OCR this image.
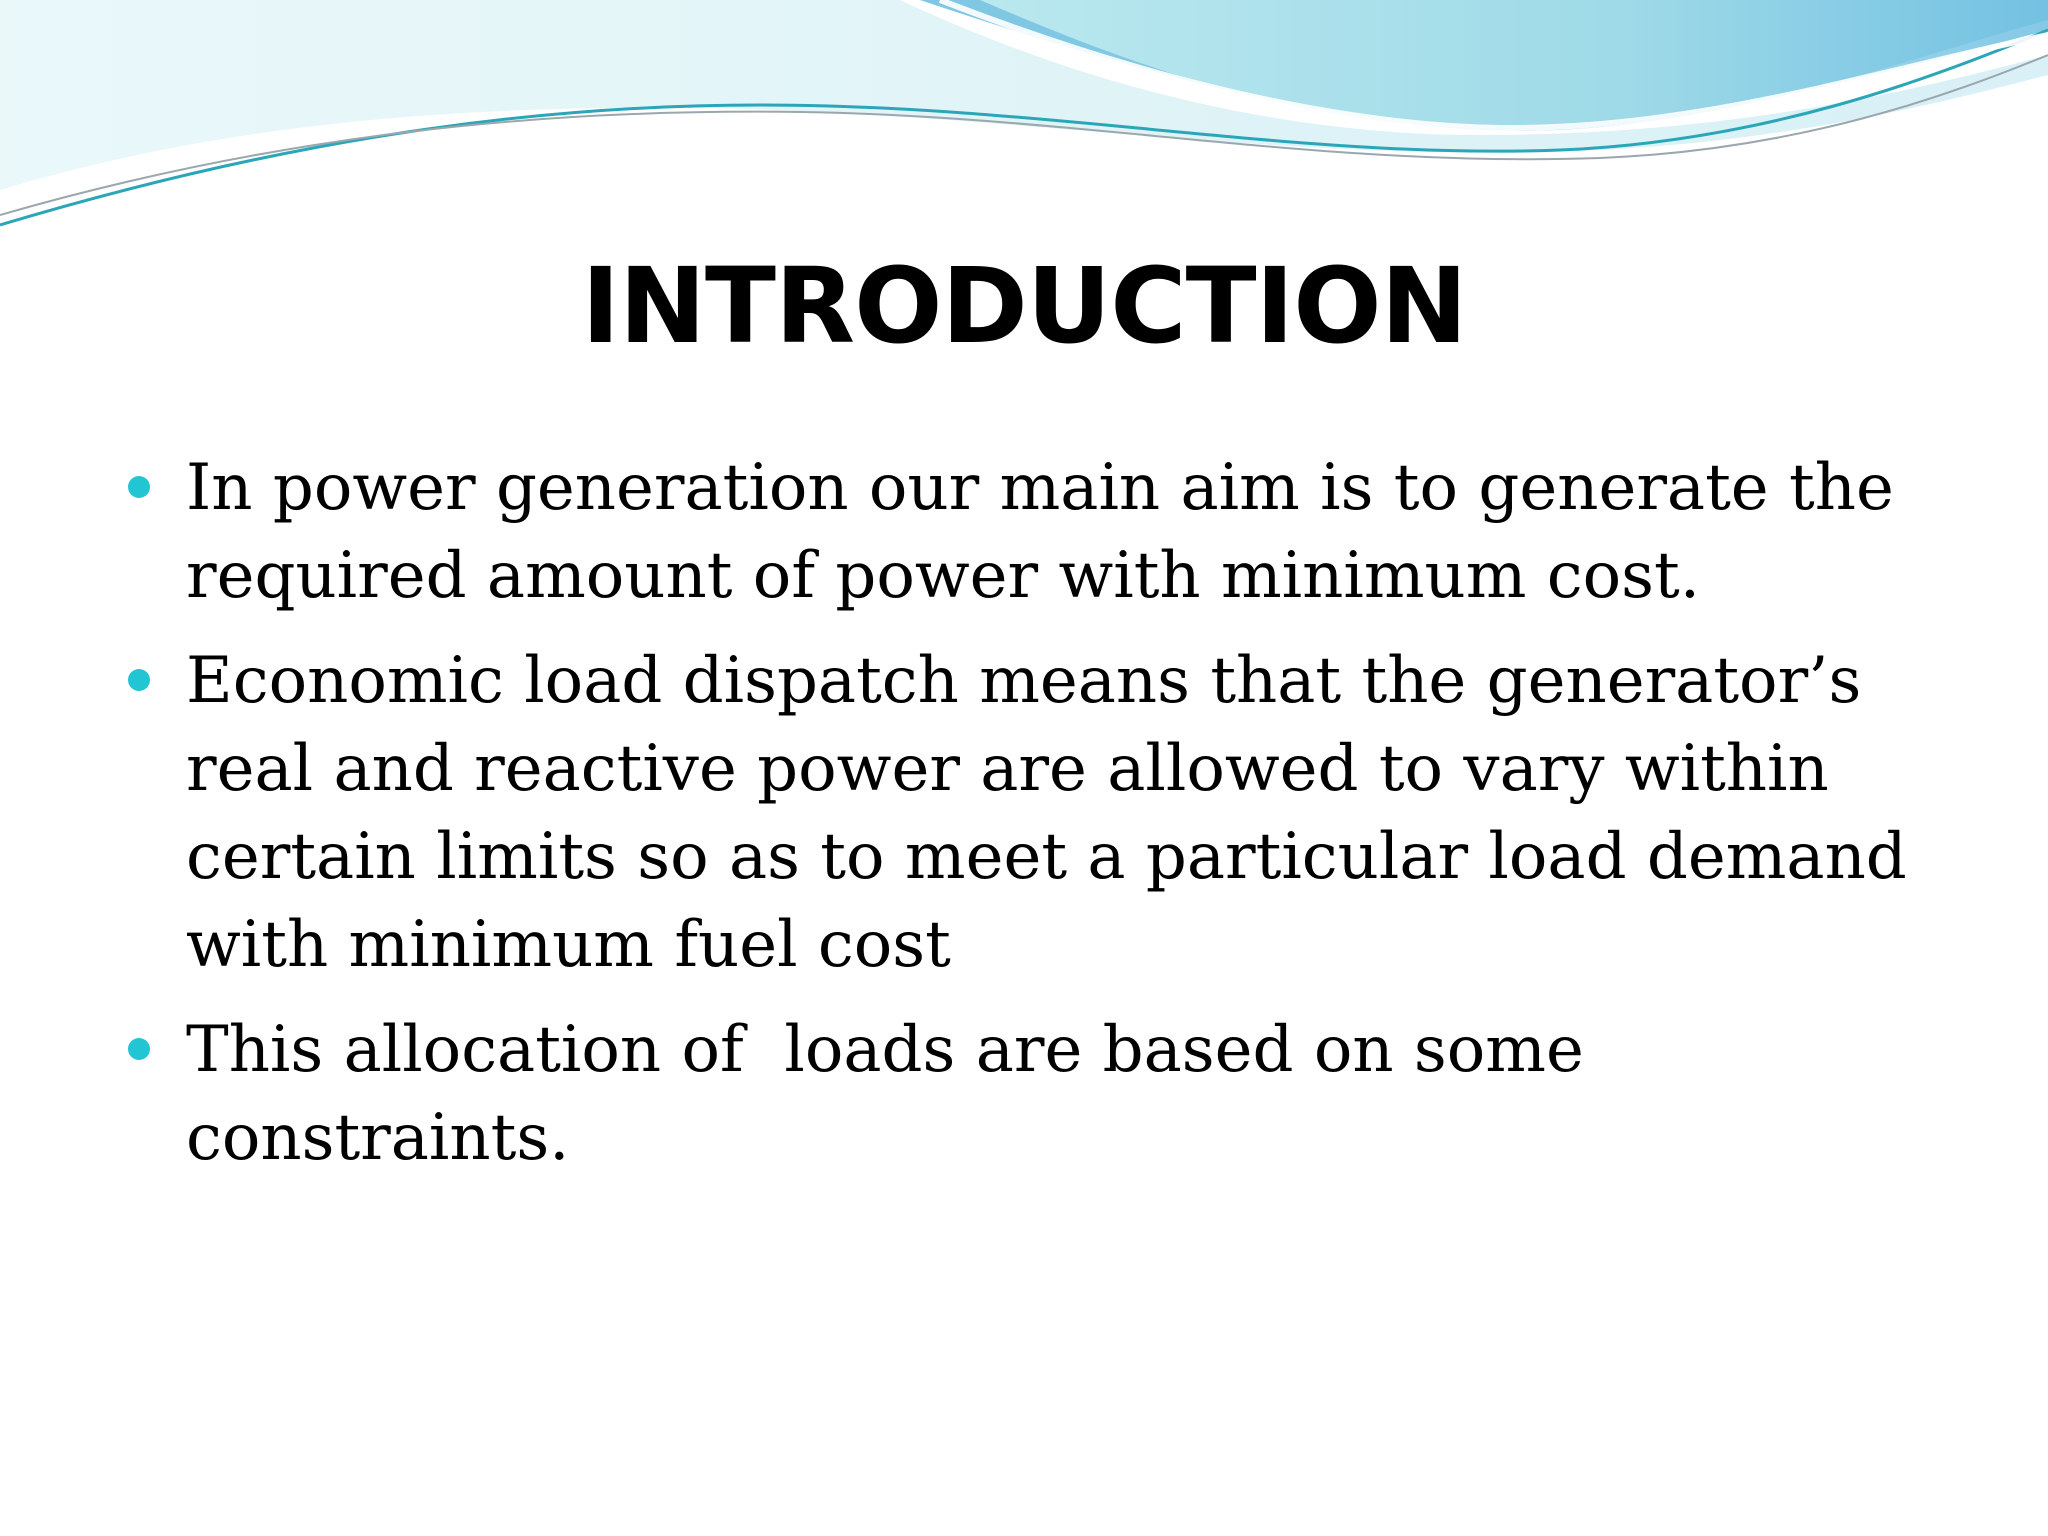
INTRODUCTION
In power generation our main aim is to generate the required amount of power with minimum cost.
Economic load dispatch means that the generator’s real and reactive power are allowed to vary within certain limits so as to meet a particular load demand with minimum fuel cost
This allocation of  loads are based on some constraints.
